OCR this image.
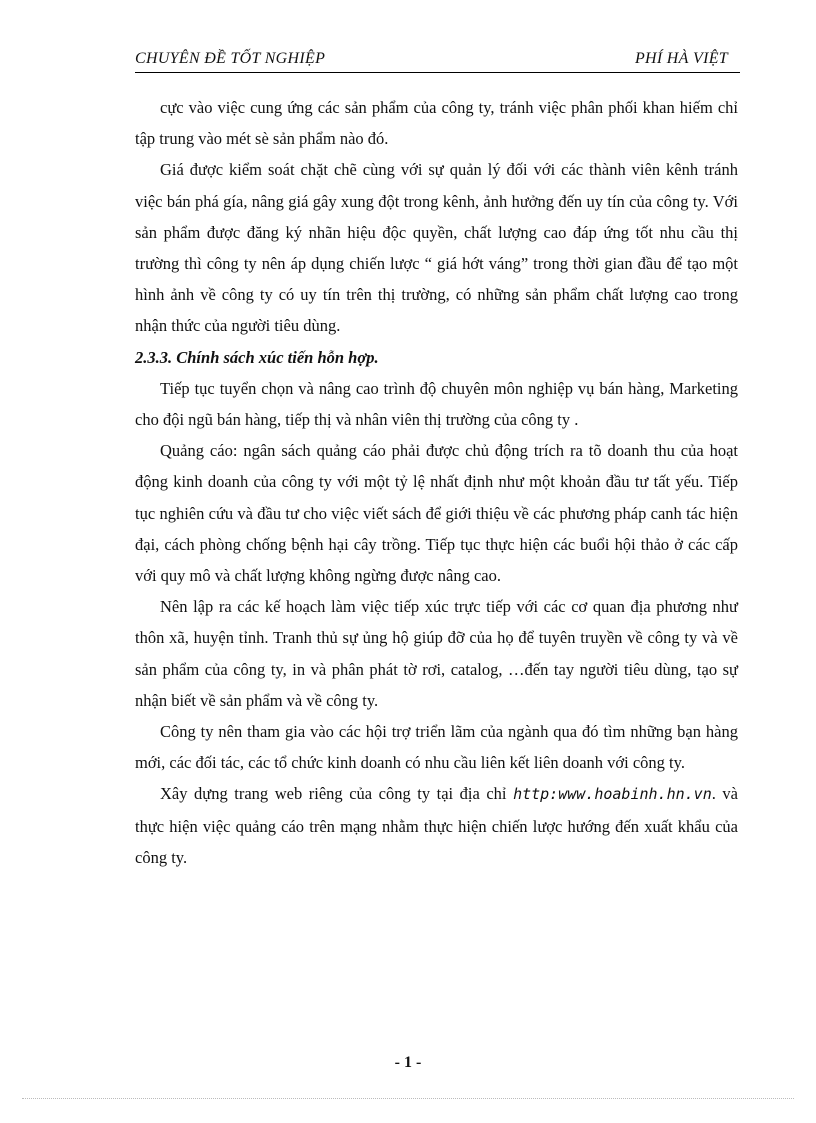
CHUYÊN ĐỀ TỐT NGHIỆP	PHÍ HÀ VIỆT

cực vào việc cung ứng các sản phẩm của công ty, tránh việc phân phối khan hiếm chỉ tập trung vào mét sè sản phẩm nào đó.

Giá được kiểm soát chặt chẽ cùng với sự quản lý đối với các thành viên kênh tránh việc bán phá gía, nâng giá gây xung đột trong kênh, ảnh hưởng đến uy tín của công ty. Với sản phẩm được đăng ký nhãn hiệu độc quyền, chất lượng cao đáp ứng tốt nhu cầu thị trường thì công ty nên áp dụng chiến lược “ giá hớt váng” trong thời gian đầu để tạo một hình ảnh về công ty có uy tín trên thị trường, có những sản phẩm chất lượng cao trong nhận thức của người tiêu dùng.

2.3.3. Chính sách xúc tiến hỗn hợp.

Tiếp tục tuyển chọn và nâng cao trình độ chuyên môn nghiệp vụ bán hàng, Marketing cho đội ngũ bán hàng, tiếp thị và nhân viên thị trường của công ty .

Quảng cáo: ngân sách quảng cáo phải được chủ động trích ra tõ doanh thu của hoạt động kinh doanh của công ty với một tỷ lệ nhất định như một khoản đầu tư tất yếu. Tiếp tục nghiên cứu và đầu tư cho việc viết sách để giới thiệu về các phương pháp canh tác hiện đại, cách phòng chống bệnh hại cây trồng. Tiếp tục thực hiện các buổi hội thảo ở các cấp với quy mô và chất lượng không ngừng được nâng cao.

Nên lập ra các kế hoạch làm việc tiếp xúc trực tiếp với các cơ quan địa phương như thôn xã, huyện tỉnh. Tranh thủ sự ủng hộ giúp đỡ của họ để tuyên truyền về công ty và về sản phẩm của công ty, in và phân phát tờ rơi, catalog, …đến tay người tiêu dùng, tạo sự nhận biết về sản phẩm và về công ty.

Công ty nên tham gia vào các hội trợ triển lãm của ngành qua đó tìm những bạn hàng mới, các đối tác, các tổ chức kinh doanh có nhu cầu liên kết liên doanh với công ty.

Xây dựng trang web riêng của công ty tại địa chỉ http:www.hoabinh.hn.vn. và thực hiện việc quảng cáo trên mạng nhằm thực hiện chiến lược hướng đến xuất khẩu của công ty.

- 1 -
